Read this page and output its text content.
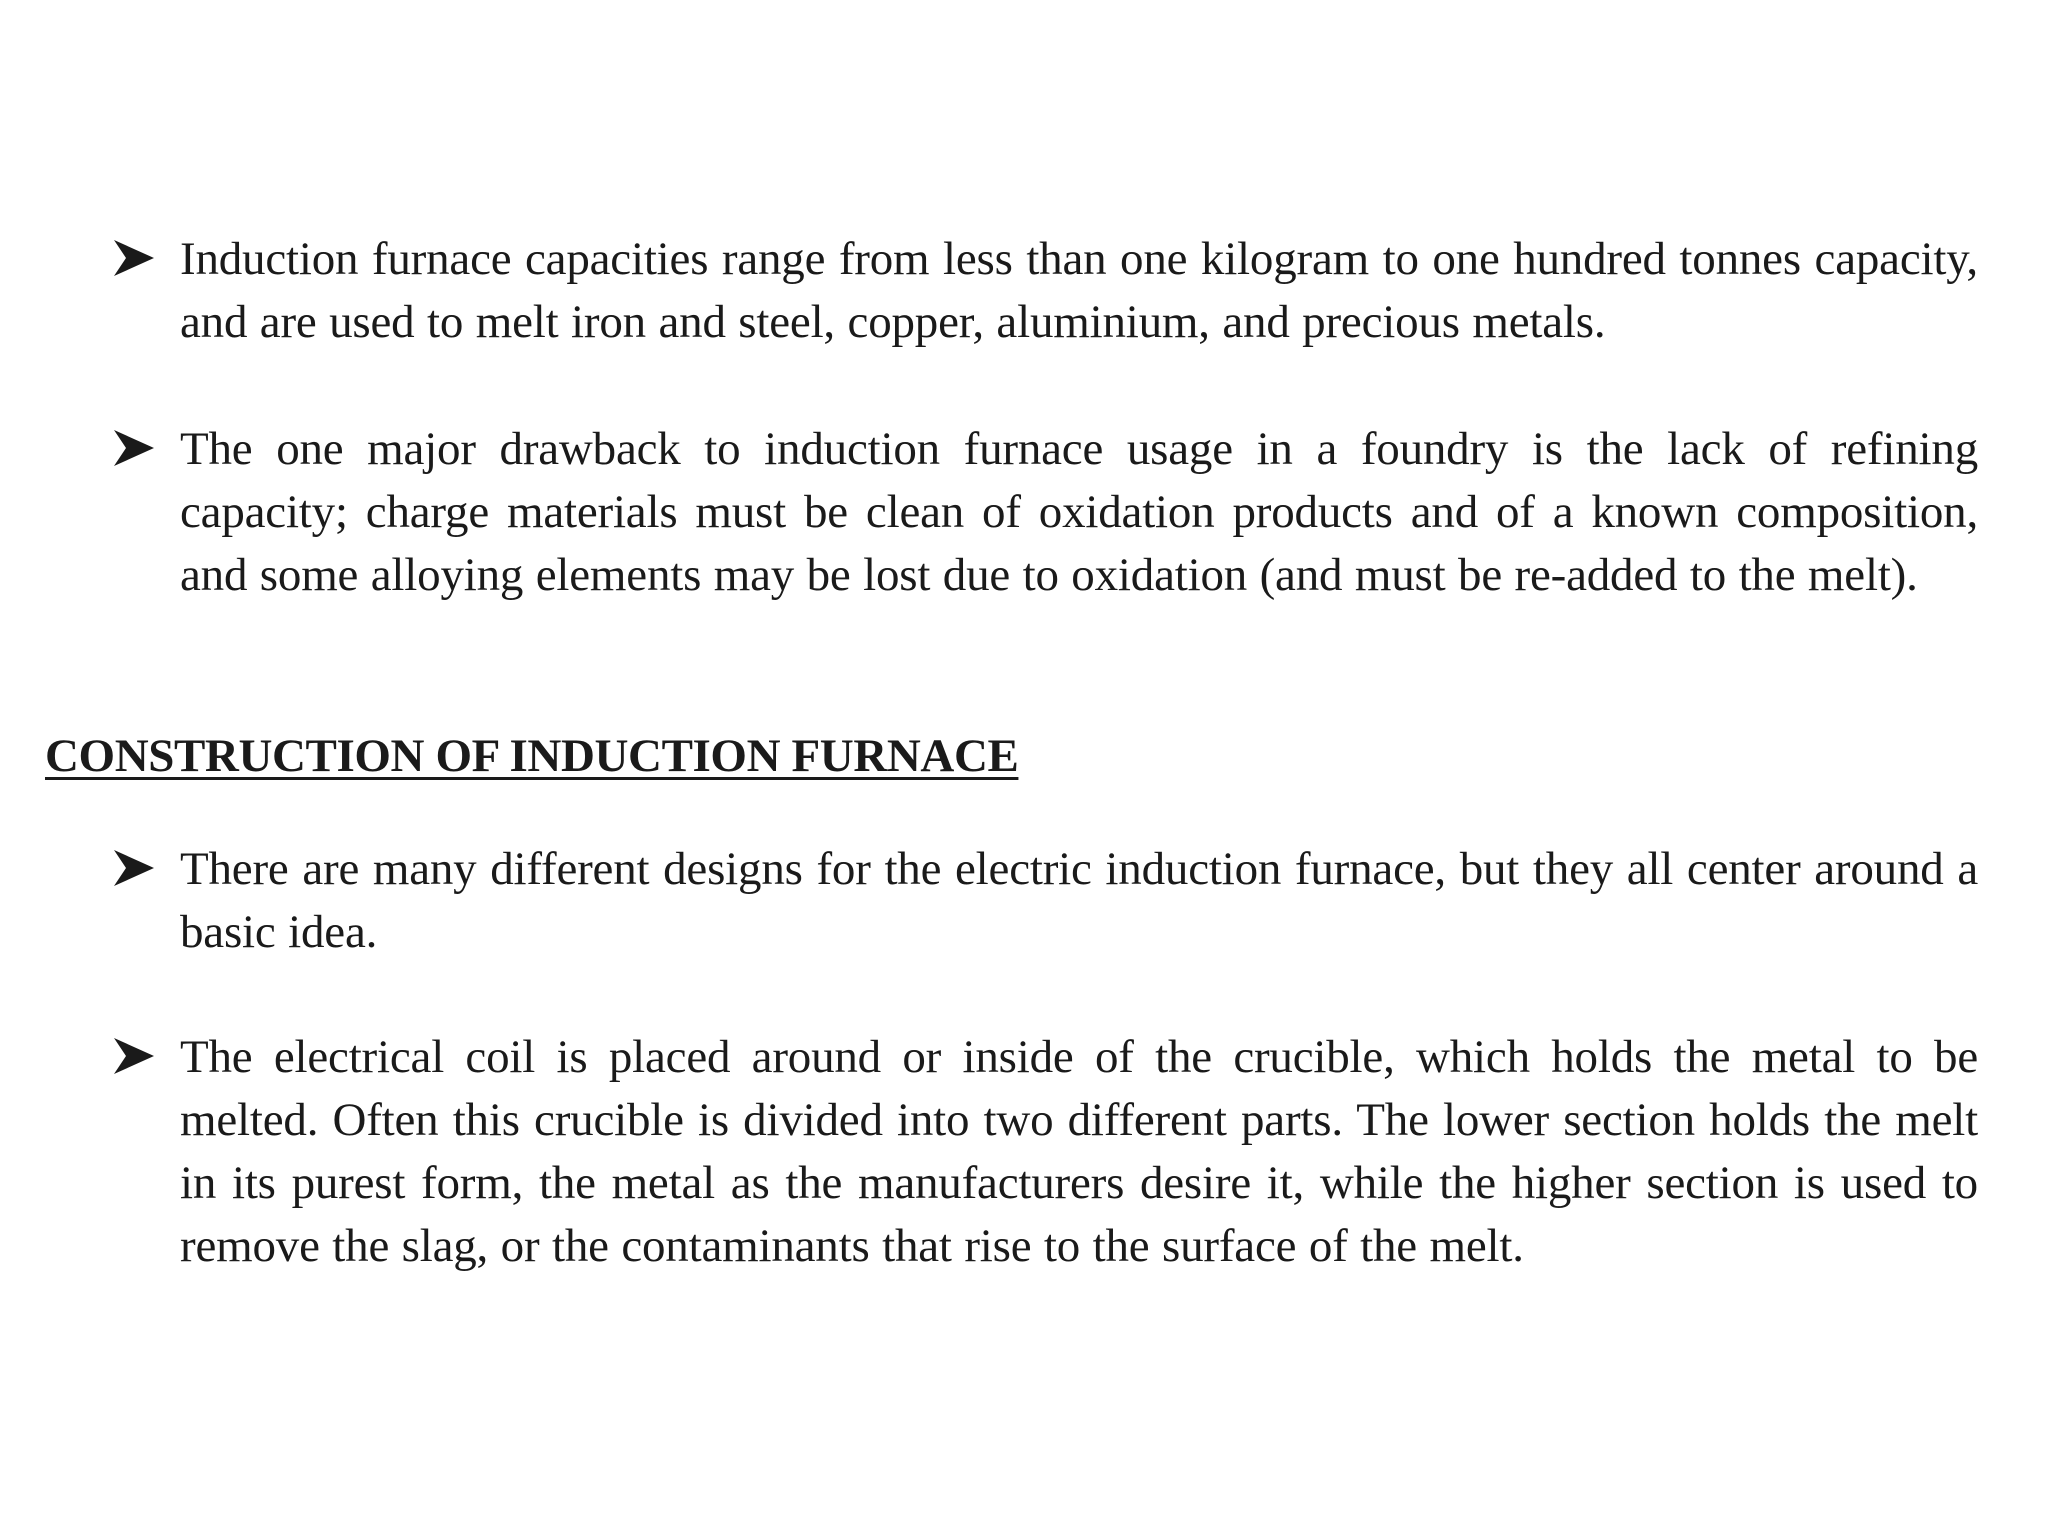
Induction furnace capacities range from less than one kilogram to one hundred tonnes capacity, and are used to melt iron and steel, copper, aluminium, and precious metals.
The one major drawback to induction furnace usage in a foundry is the lack of refining capacity; charge materials must be clean of oxidation products and of a known composition, and some alloying elements may be lost due to oxidation (and must be re-added to the melt).
CONSTRUCTION OF INDUCTION FURNACE
There are many different designs for the electric induction furnace, but they all center around a basic idea.
The electrical coil is placed around or inside of the crucible, which holds the metal to be melted. Often this crucible is divided into two different parts. The lower section holds the melt in its purest form, the metal as the manufacturers desire it, while the higher section is used to remove the slag, or the contaminants that rise to the surface of the melt.
